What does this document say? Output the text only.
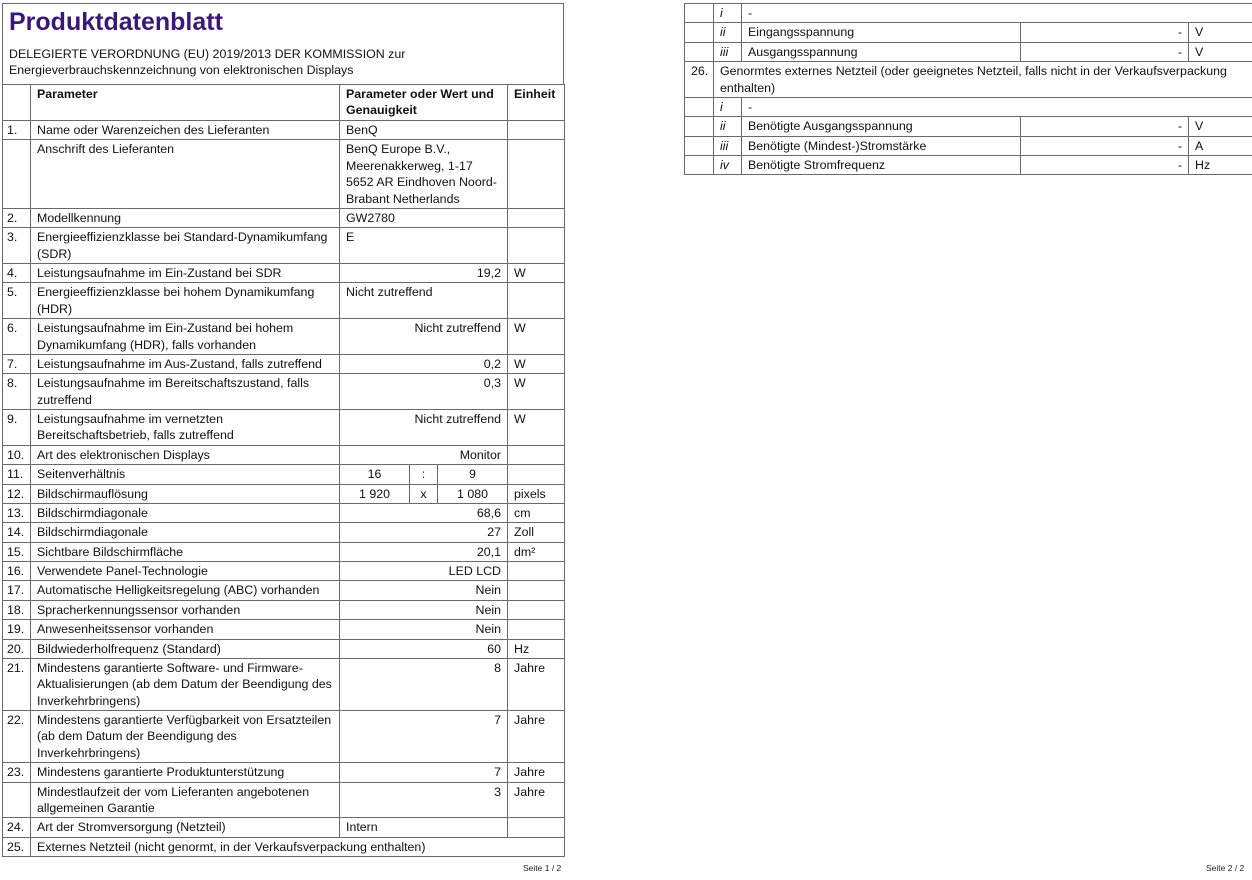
Produktdatenblatt
DELEGIERTE VERORDNUNG (EU) 2019/2013 DER KOMMISSION zur
Energieverbrauchskennzeichnung von elektronischen Displays
	Parameter	Parameter oder Wert und Genauigkeit			Einheit
1.	Name oder Warenzeichen des Lieferanten	BenQ			
	Anschrift des Lieferanten	BenQ Europe B.V., Meerenakkerweg, 1-17 5652 AR Eindhoven Noord-Brabant Netherlands			
2.	Modellkennung	GW2780			
3.	Energieeffizienzklasse bei Standard-Dynamikumfang (SDR)	E			
4.	Leistungsaufnahme im Ein-Zustand bei SDR	19,2			W
5.	Energieeffizienzklasse bei hohem Dynamikumfang (HDR)	Nicht zutreffend			
6.	Leistungsaufnahme im Ein-Zustand bei hohem Dynamikumfang (HDR), falls vorhanden	Nicht zutreffend			W
7.	Leistungsaufnahme im Aus-Zustand, falls zutreffend	0,2			W
8.	Leistungsaufnahme im Bereitschaftszustand, falls zutreffend	0,3			W
9.	Leistungsaufnahme im vernetzten Bereitschaftsbetrieb, falls zutreffend	Nicht zutreffend			W
10.	Art des elektronischen Displays	Monitor			
11.	Seitenverhältnis	16	:	9	
12.	Bildschirmauflösung	1 920	x	1 080	pixels
13.	Bildschirmdiagonale	68,6			cm
14.	Bildschirmdiagonale	27			Zoll
15.	Sichtbare Bildschirmfläche	20,1			dm²
16.	Verwendete Panel-Technologie	LED LCD			
17.	Automatische Helligkeitsregelung (ABC) vorhanden	Nein			
18.	Spracherkennungssensor vorhanden	Nein			
19.	Anwesenheitssensor vorhanden	Nein			
20.	Bildwiederholfrequenz (Standard)	60			Hz
21.	Mindestens garantierte Software- und Firmware-Aktualisierungen (ab dem Datum der Beendigung des Inverkehrbringens)	8			Jahre
22.	Mindestens garantierte Verfügbarkeit von Ersatzteilen (ab dem Datum der Beendigung des Inverkehrbringens)	7			Jahre
23.	Mindestens garantierte Produktunterstützung	7			Jahre
	Mindestlaufzeit der vom Lieferanten angebotenen allgemeinen Garantie	3			Jahre
24.	Art der Stromversorgung (Netzteil)	Intern			
25.	Externes Netzteil (nicht genormt, in der Verkaufsverpackung enthalten)				
Seite 1 / 2
	i	-		
	ii	Eingangsspannung	-	V
	iii	Ausgangsspannung	-	V
26.	Genormtes externes Netzteil (oder geeignetes Netzteil, falls nicht in der Verkaufsverpackung enthalten)			
	i	-		
	ii	Benötigte Ausgangsspannung	-	V
	iii	Benötigte (Mindest-)Stromstärke	-	A
	iv	Benötigte Stromfrequenz	-	Hz
Seite 2 / 2
